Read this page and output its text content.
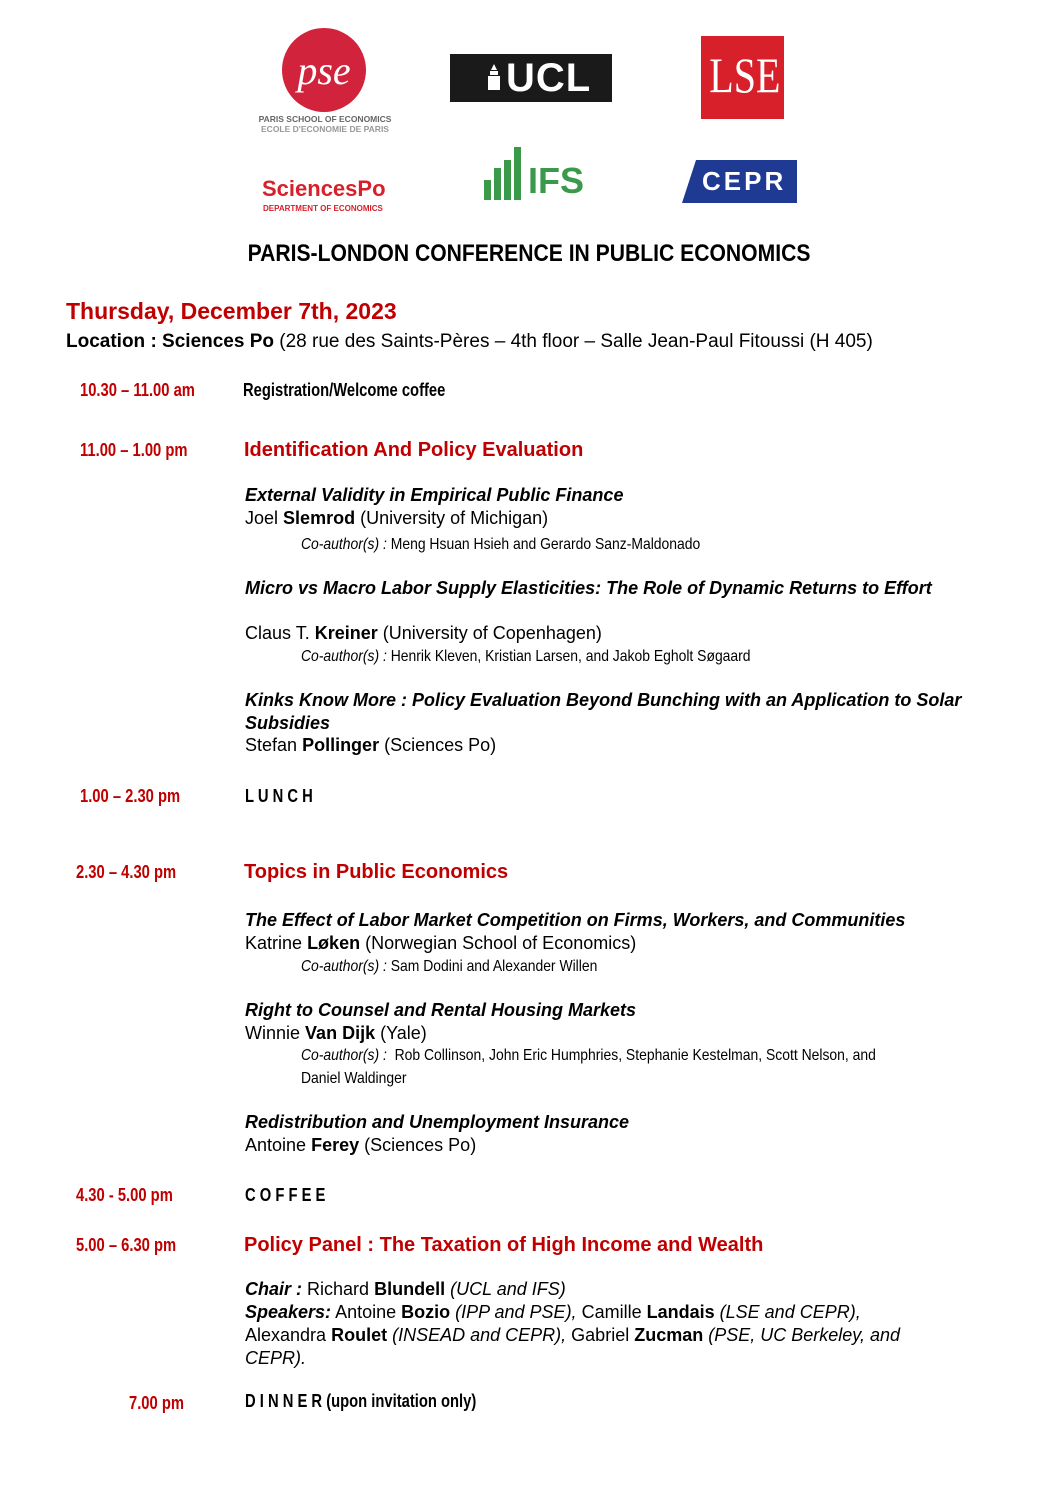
pse
PARIS SCHOOL OF ECONOMICS
ECOLE D'ECONOMIE DE PARIS
UCL LSE
SciencesPo
DEPARTMENT OF ECONOMICS
IFS	CEPR
PARIS-LONDON CONFERENCE IN PUBLIC ECONOMICS
Thursday, December 7th, 2023
Location : Sciences Po (28 rue des Saints-Pères – 4th floor – Salle Jean-Paul Fitoussi (H 405)
10.30 – 11.00 am	Registration/Welcome coffee
11.00 – 1.00 pm	Identification And Policy Evaluation
External Validity in Empirical Public Finance
Joel Slemrod (University of Michigan)
Co-author(s) : Meng Hsuan Hsieh and Gerardo Sanz-Maldonado
Micro vs Macro Labor Supply Elasticities: The Role of Dynamic Returns to Effort
Claus T. Kreiner (University of Copenhagen)
Co-author(s) : Henrik Kleven, Kristian Larsen, and Jakob Egholt Søgaard
Kinks Know More : Policy Evaluation Beyond Bunching with an Application to Solar Subsidies
Stefan Pollinger (Sciences Po)
1.00 – 2.30 pm	L U N C H
2.30 – 4.30 pm	Topics in Public Economics
The Effect of Labor Market Competition on Firms, Workers, and Communities
Katrine Løken (Norwegian School of Economics)
Co-author(s) : Sam Dodini and Alexander Willen
Right to Counsel and Rental Housing Markets
Winnie Van Dijk (Yale)
Co-author(s) : Rob Collinson, John Eric Humphries, Stephanie Kestelman, Scott Nelson, and
Daniel Waldinger
Redistribution and Unemployment Insurance
Antoine Ferey (Sciences Po)
4.30 - 5.00 pm	C O F F E E
5.00 – 6.30 pm	Policy Panel : The Taxation of High Income and Wealth
Chair : Richard Blundell (UCL and IFS)
Speakers: Antoine Bozio (IPP and PSE), Camille Landais (LSE and CEPR),
Alexandra Roulet (INSEAD and CEPR), Gabriel Zucman (PSE, UC Berkeley, and
CEPR).
7.00 pm	D I N N E R (upon invitation only)
